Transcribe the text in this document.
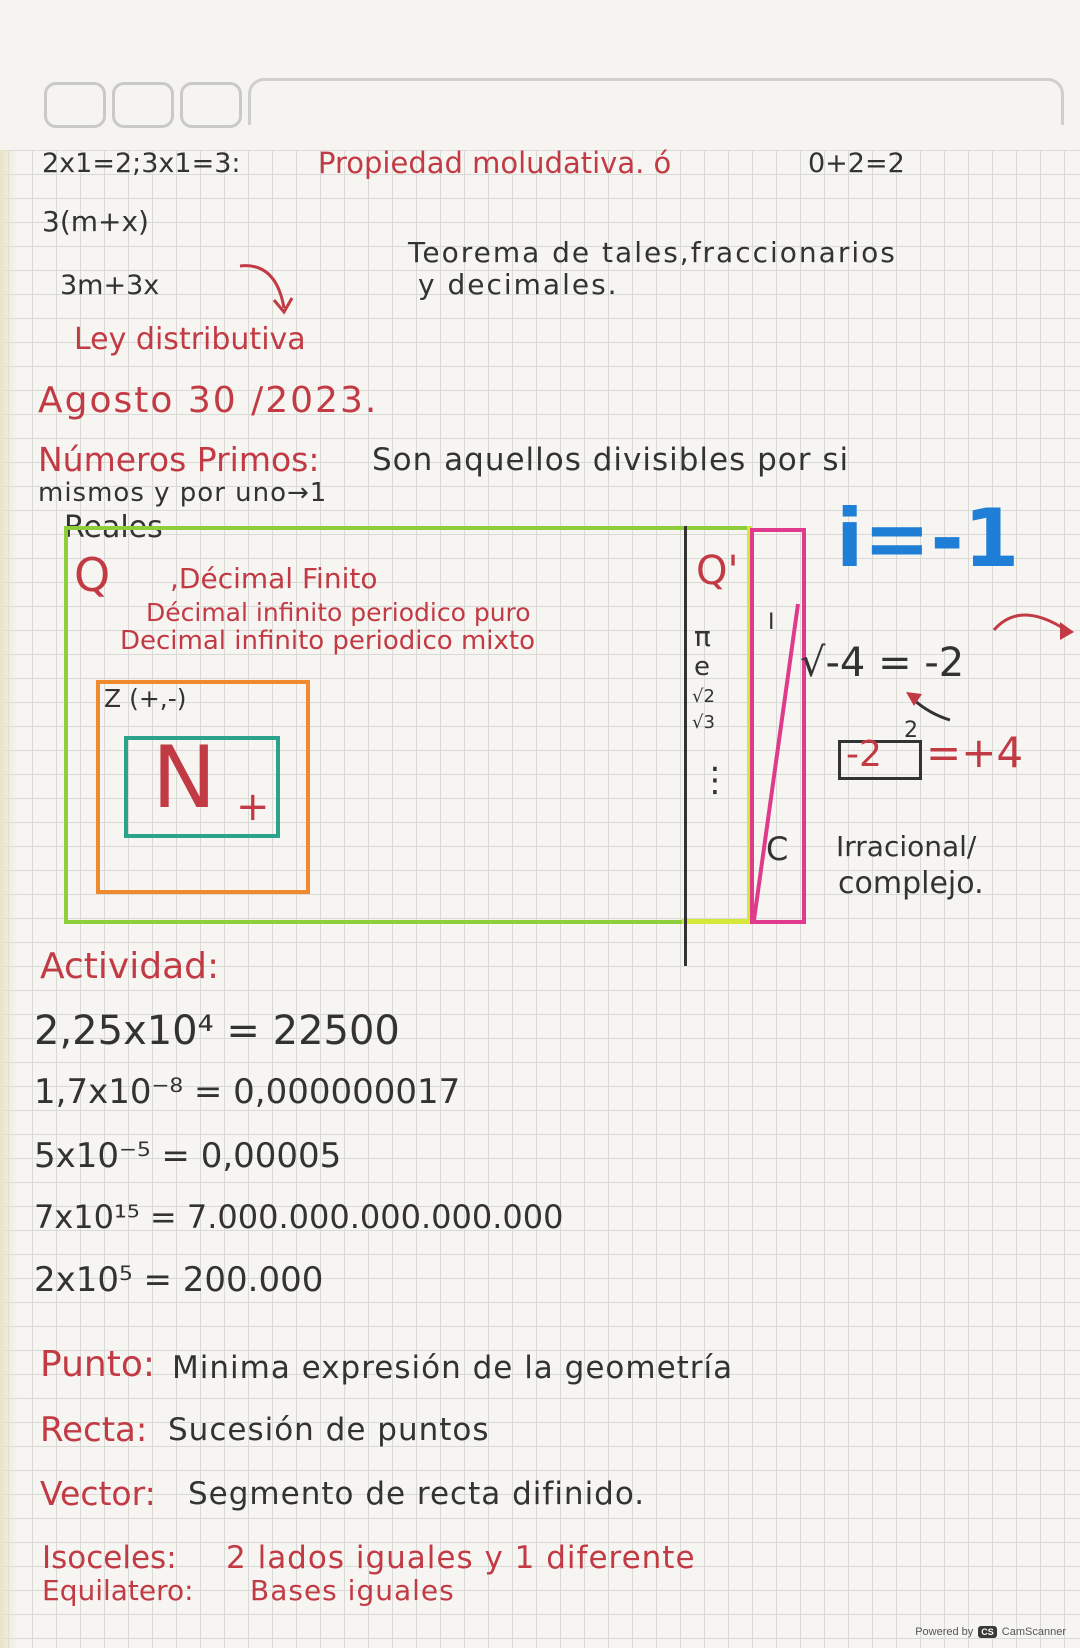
2x1=2;3x1=3:	Propiedad moludativa. ó	0+2=2
3(m+x)
3m+3x
Ley distributiva
Teorema de tales,fraccionarios
y decimales.
Agosto 30 /2023.
Números Primos: Son aquellos divisibles por si
mismos y por uno→1
Reales
Q ,Décimal Finito
Décimal infinito periodico puro
Decimal infinito periodico mixto
Z (+,-)
N +
Q'
π
e
√2
√3
⋮
I
C
i=-1
√-4 = -2
-2
2 =+4
Irracional/
complejo.
Actividad:
2,25x10⁴ = 22500
1,7x10⁻⁸ = 0,000000017
5x10⁻⁵ = 0,00005
7x10¹⁵ = 7.000.000.000.000.000
2x10⁵ = 200.000
Punto: Minima expresión de la geometría
Recta: Sucesión de puntos
Vector: Segmento de recta difinido.
Isoceles: 2 lados iguales y 1 diferente
Equilatero: Bases iguales
Powered by CS CamScanner
